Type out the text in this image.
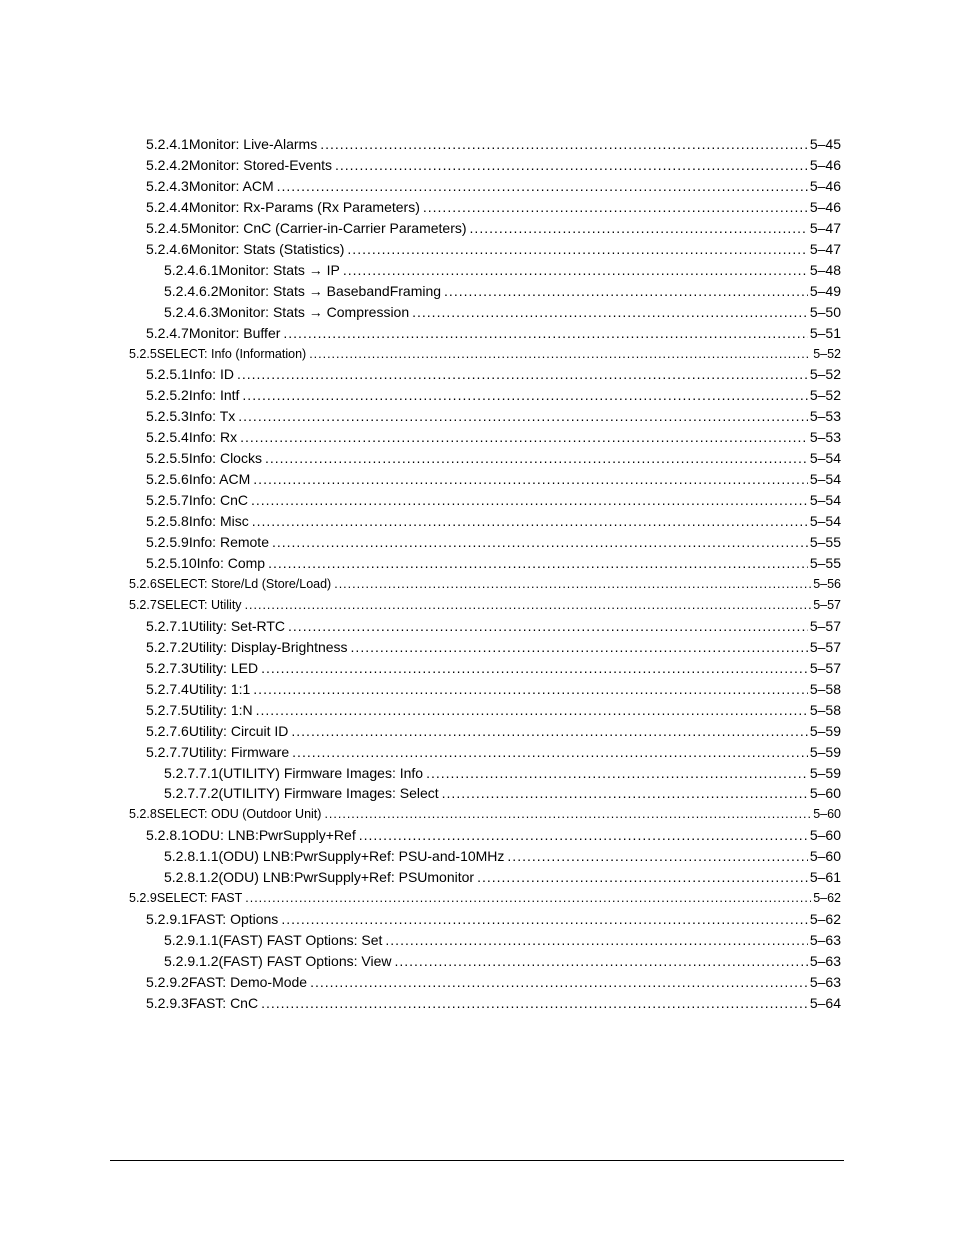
5.2.4.1 Monitor: Live-Alarms .....	5–45
5.2.4.2 Monitor: Stored-Events .....	5–46
5.2.4.3 Monitor: ACM .....	5–46
5.2.4.4 Monitor: Rx-Params (Rx Parameters) .....	5–46
5.2.4.5 Monitor: CnC (Carrier-in-Carrier Parameters) .....	5–47
5.2.4.6 Monitor: Stats (Statistics) .....	5–47
5.2.4.6.1 Monitor: Stats → IP .....	5–48
5.2.4.6.2 Monitor: Stats → BasebandFraming .....	5–49
5.2.4.6.3 Monitor: Stats → Compression .....	5–50
5.2.4.7 Monitor: Buffer .....	5–51
5.2.5 SELECT: Info (Information) .....	5–52
5.2.5.1 Info: ID .....	5–52
5.2.5.2 Info: Intf .....	5–52
5.2.5.3 Info: Tx .....	5–53
5.2.5.4 Info: Rx .....	5–53
5.2.5.5 Info: Clocks .....	5–54
5.2.5.6 Info: ACM .....	5–54
5.2.5.7 Info: CnC .....	5–54
5.2.5.8 Info: Misc .....	5–54
5.2.5.9 Info: Remote .....	5–55
5.2.5.10 Info: Comp .....	5–55
5.2.6 SELECT: Store/Ld (Store/Load) .....	5–56
5.2.7 SELECT: Utility .....	5–57
5.2.7.1 Utility: Set-RTC .....	5–57
5.2.7.2 Utility: Display-Brightness .....	5–57
5.2.7.3 Utility: LED .....	5–57
5.2.7.4 Utility: 1:1 .....	5–58
5.2.7.5 Utility: 1:N .....	5–58
5.2.7.6 Utility: Circuit ID .....	5–59
5.2.7.7 Utility: Firmware .....	5–59
5.2.7.7.1 (UTILITY) Firmware Images: Info .....	5–59
5.2.7.7.2 (UTILITY) Firmware Images: Select .....	5–60
5.2.8 SELECT: ODU (Outdoor Unit) .....	5–60
5.2.8.1 ODU: LNB:PwrSupply+Ref .....	5–60
5.2.8.1.1 (ODU) LNB:PwrSupply+Ref: PSU-and-10MHz .....	5–60
5.2.8.1.2 (ODU) LNB:PwrSupply+Ref: PSUmonitor .....	5–61
5.2.9 SELECT: FAST .....	5–62
5.2.9.1 FAST: Options .....	5–62
5.2.9.1.1 (FAST) FAST Options: Set .....	5–63
5.2.9.1.2 (FAST) FAST Options: View .....	5–63
5.2.9.2 FAST: Demo-Mode .....	5–63
5.2.9.3 FAST: CnC .....	5–64
